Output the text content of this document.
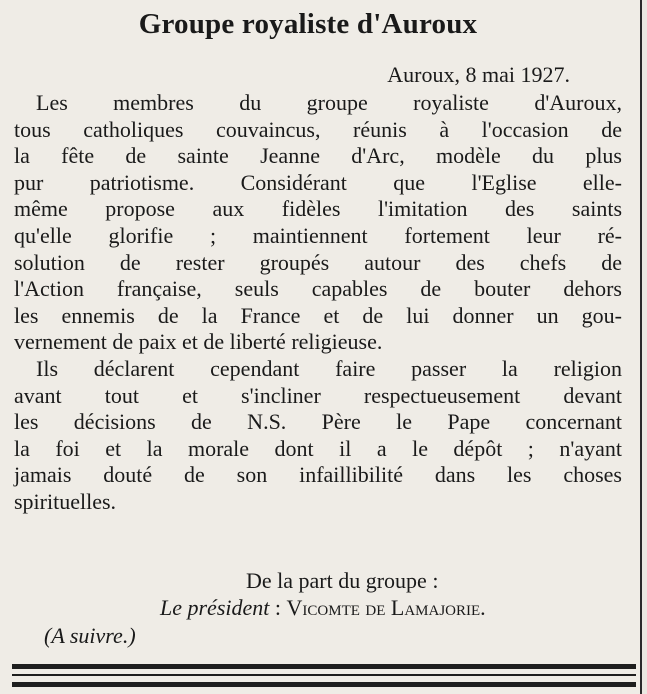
Groupe royaliste d'Auroux
Auroux, 8 mai 1927.
Les membres du groupe royaliste d'Auroux,
tous catholiques couvaincus, réunis à l'occasion de
la fête de sainte Jeanne d'Arc, modèle du plus
pur patriotisme. Considérant que l'Eglise elle-
même propose aux fidèles l'imitation des saints
qu'elle glorifie ; maintiennent fortement leur ré-
solution de rester groupés autour des chefs de
l'Action française, seuls capables de bouter dehors
les ennemis de la France et de lui donner un gou-
vernement de paix et de liberté religieuse.
Ils déclarent cependant faire passer la religion
avant tout et s'incliner respectueusement devant
les décisions de N.S. Père le Pape concernant
la foi et la morale dont il a le dépôt ; n'ayant
jamais douté de son infaillibilité dans les choses
spirituelles.
De la part du groupe :
Le président : Vicomte de Lamajorie.
(A suivre.)
